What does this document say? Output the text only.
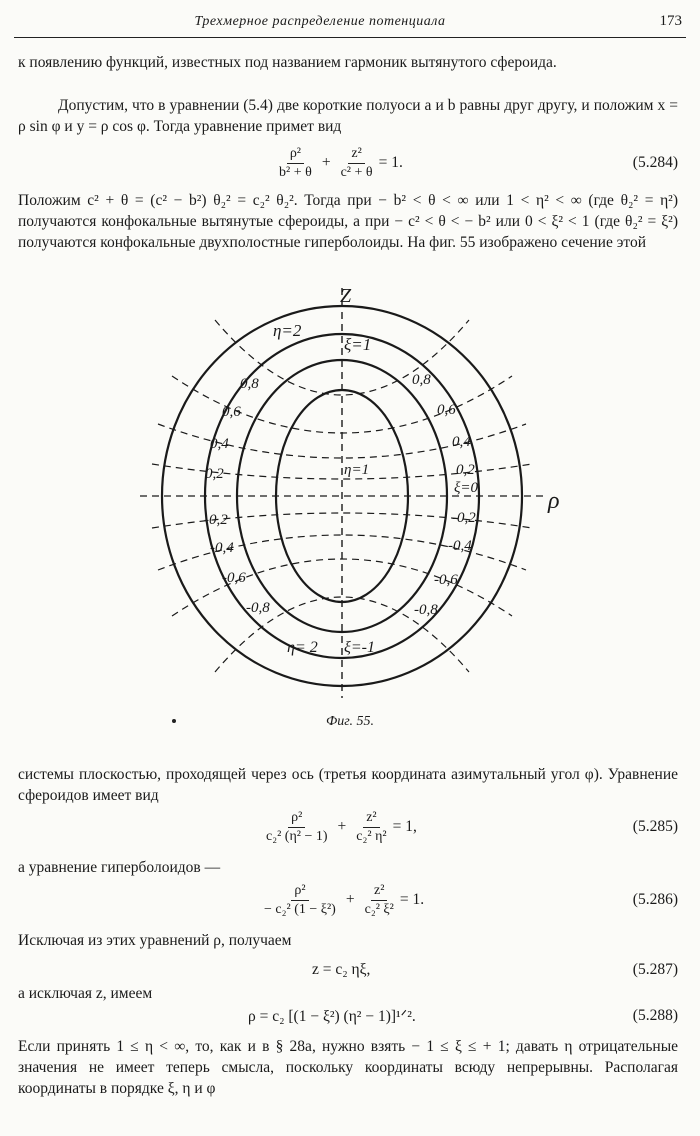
Трехмерное распределение потенциала	173
к появлению функций, известных под названием гармоник вытянутого сфероида.
Допустим, что в уравнении (5.4) две короткие полуоси a и b равны друг другу, и положим x = ρ sin φ и y = ρ cos φ. Тогда уравнение примет вид
$\frac{\text{ρ²}}{\text{b² + θ}} + \frac{\text{z²}}{\text{c² + θ}} = 1$.	(5.284)
Положим c² + θ = (c² − b²) θ₂² = c₂² θ₂². Тогда при − b² < θ < ∞ или 1 < η² < ∞ (где θ₂² = η²) получаются конфокальные вытянутые сфероиды, а при − c² < θ < − b² или 0 < ξ² < 1 (где θ₂² = ξ²) получаются конфокальные двухполостные гиперболоиды. На фиг. 55 изображено сечение этой
Z
ρ
η=2
ξ=1
η=1
ξ=0
η= 2 ξ=-1
0,8
0,6
0,4
0,2
-0,2
-0,4
-0,6
-0,8
0,8
0,6
0,4
0,2
-0,2
-0,4
-0,6
-0,8
Фиг. 55.
системы плоскостью, проходящей через ось (третья координата азимутальный угол φ). Уравнение сфероидов имеет вид
$\frac{\text{ρ²}}{\text{c₂² (η² − 1)}} + \frac{\text{z²}}{\text{c₂² η²}} = 1$,	(5.285)
а уравнение гиперболоидов —
$\frac{\text{ρ²}}{\text{− c₂² (1 − ξ²)}} + \frac{\text{z²}}{\text{c₂² ξ²}} = 1$.	(5.286)
Исключая из этих уравнений ρ, получаем
z = c₂ ηξ,	(5.287)
а исключая z, имеем
ρ = c₂ [(1 − ξ²) (η² − 1)]¹ᐟ².	(5.288)
Если принять 1 ≤ η < ∞, то, как и в § 28а, нужно взять − 1 ≤ ξ ≤ + 1; давать η отрицательные значения не имеет теперь смысла, поскольку координаты всюду непрерывны. Располагая координаты в порядке ξ, η и φ
